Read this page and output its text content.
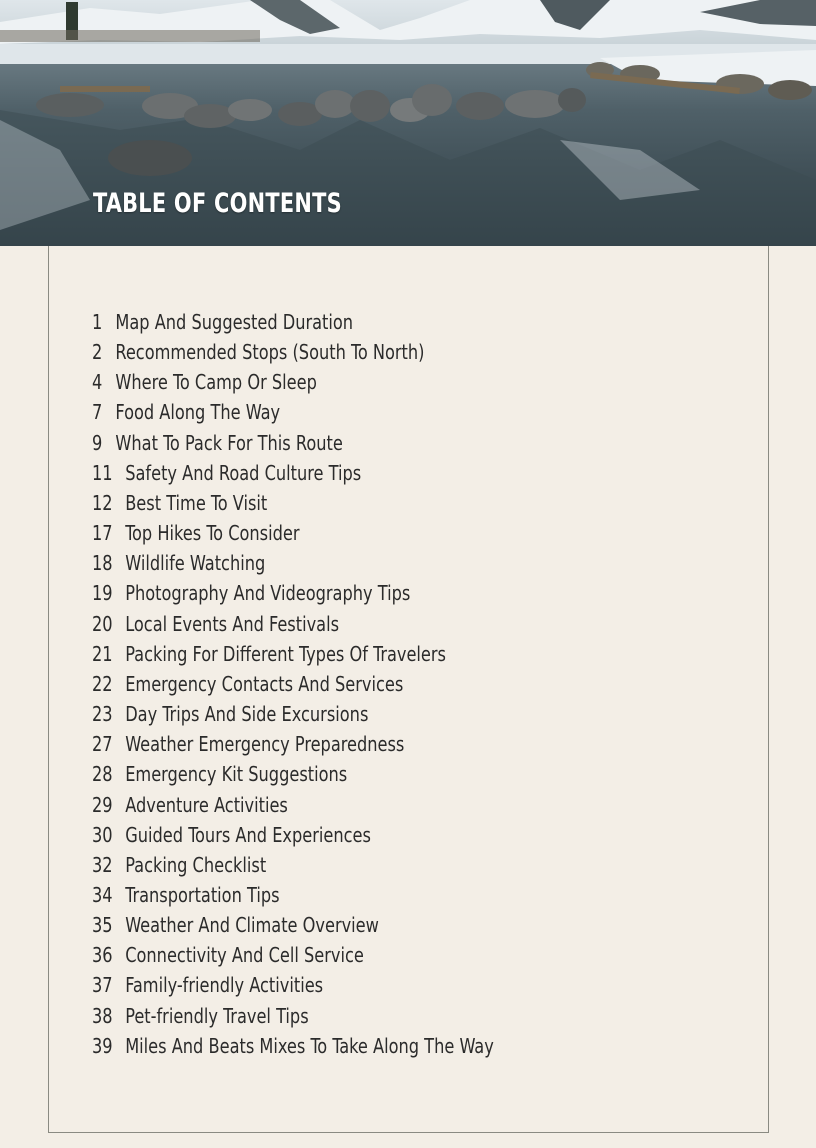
TABLE OF CONTENTS
1 Map And Suggested Duration
2 Recommended Stops (South To North)
4 Where To Camp Or Sleep
7 Food Along The Way
9 What To Pack For This Route
11 Safety And Road Culture Tips
12 Best Time To Visit
17 Top Hikes To Consider
18 Wildlife Watching
19 Photography And Videography Tips
20 Local Events And Festivals
21 Packing For Different Types Of Travelers
22 Emergency Contacts And Services
23 Day Trips And Side Excursions
27 Weather Emergency Preparedness
28 Emergency Kit Suggestions
29 Adventure Activities
30 Guided Tours And Experiences
32 Packing Checklist
34 Transportation Tips
35 Weather And Climate Overview
36 Connectivity And Cell Service
37 Family-friendly Activities
38 Pet-friendly Travel Tips
39 Miles And Beats Mixes To Take Along The Way
